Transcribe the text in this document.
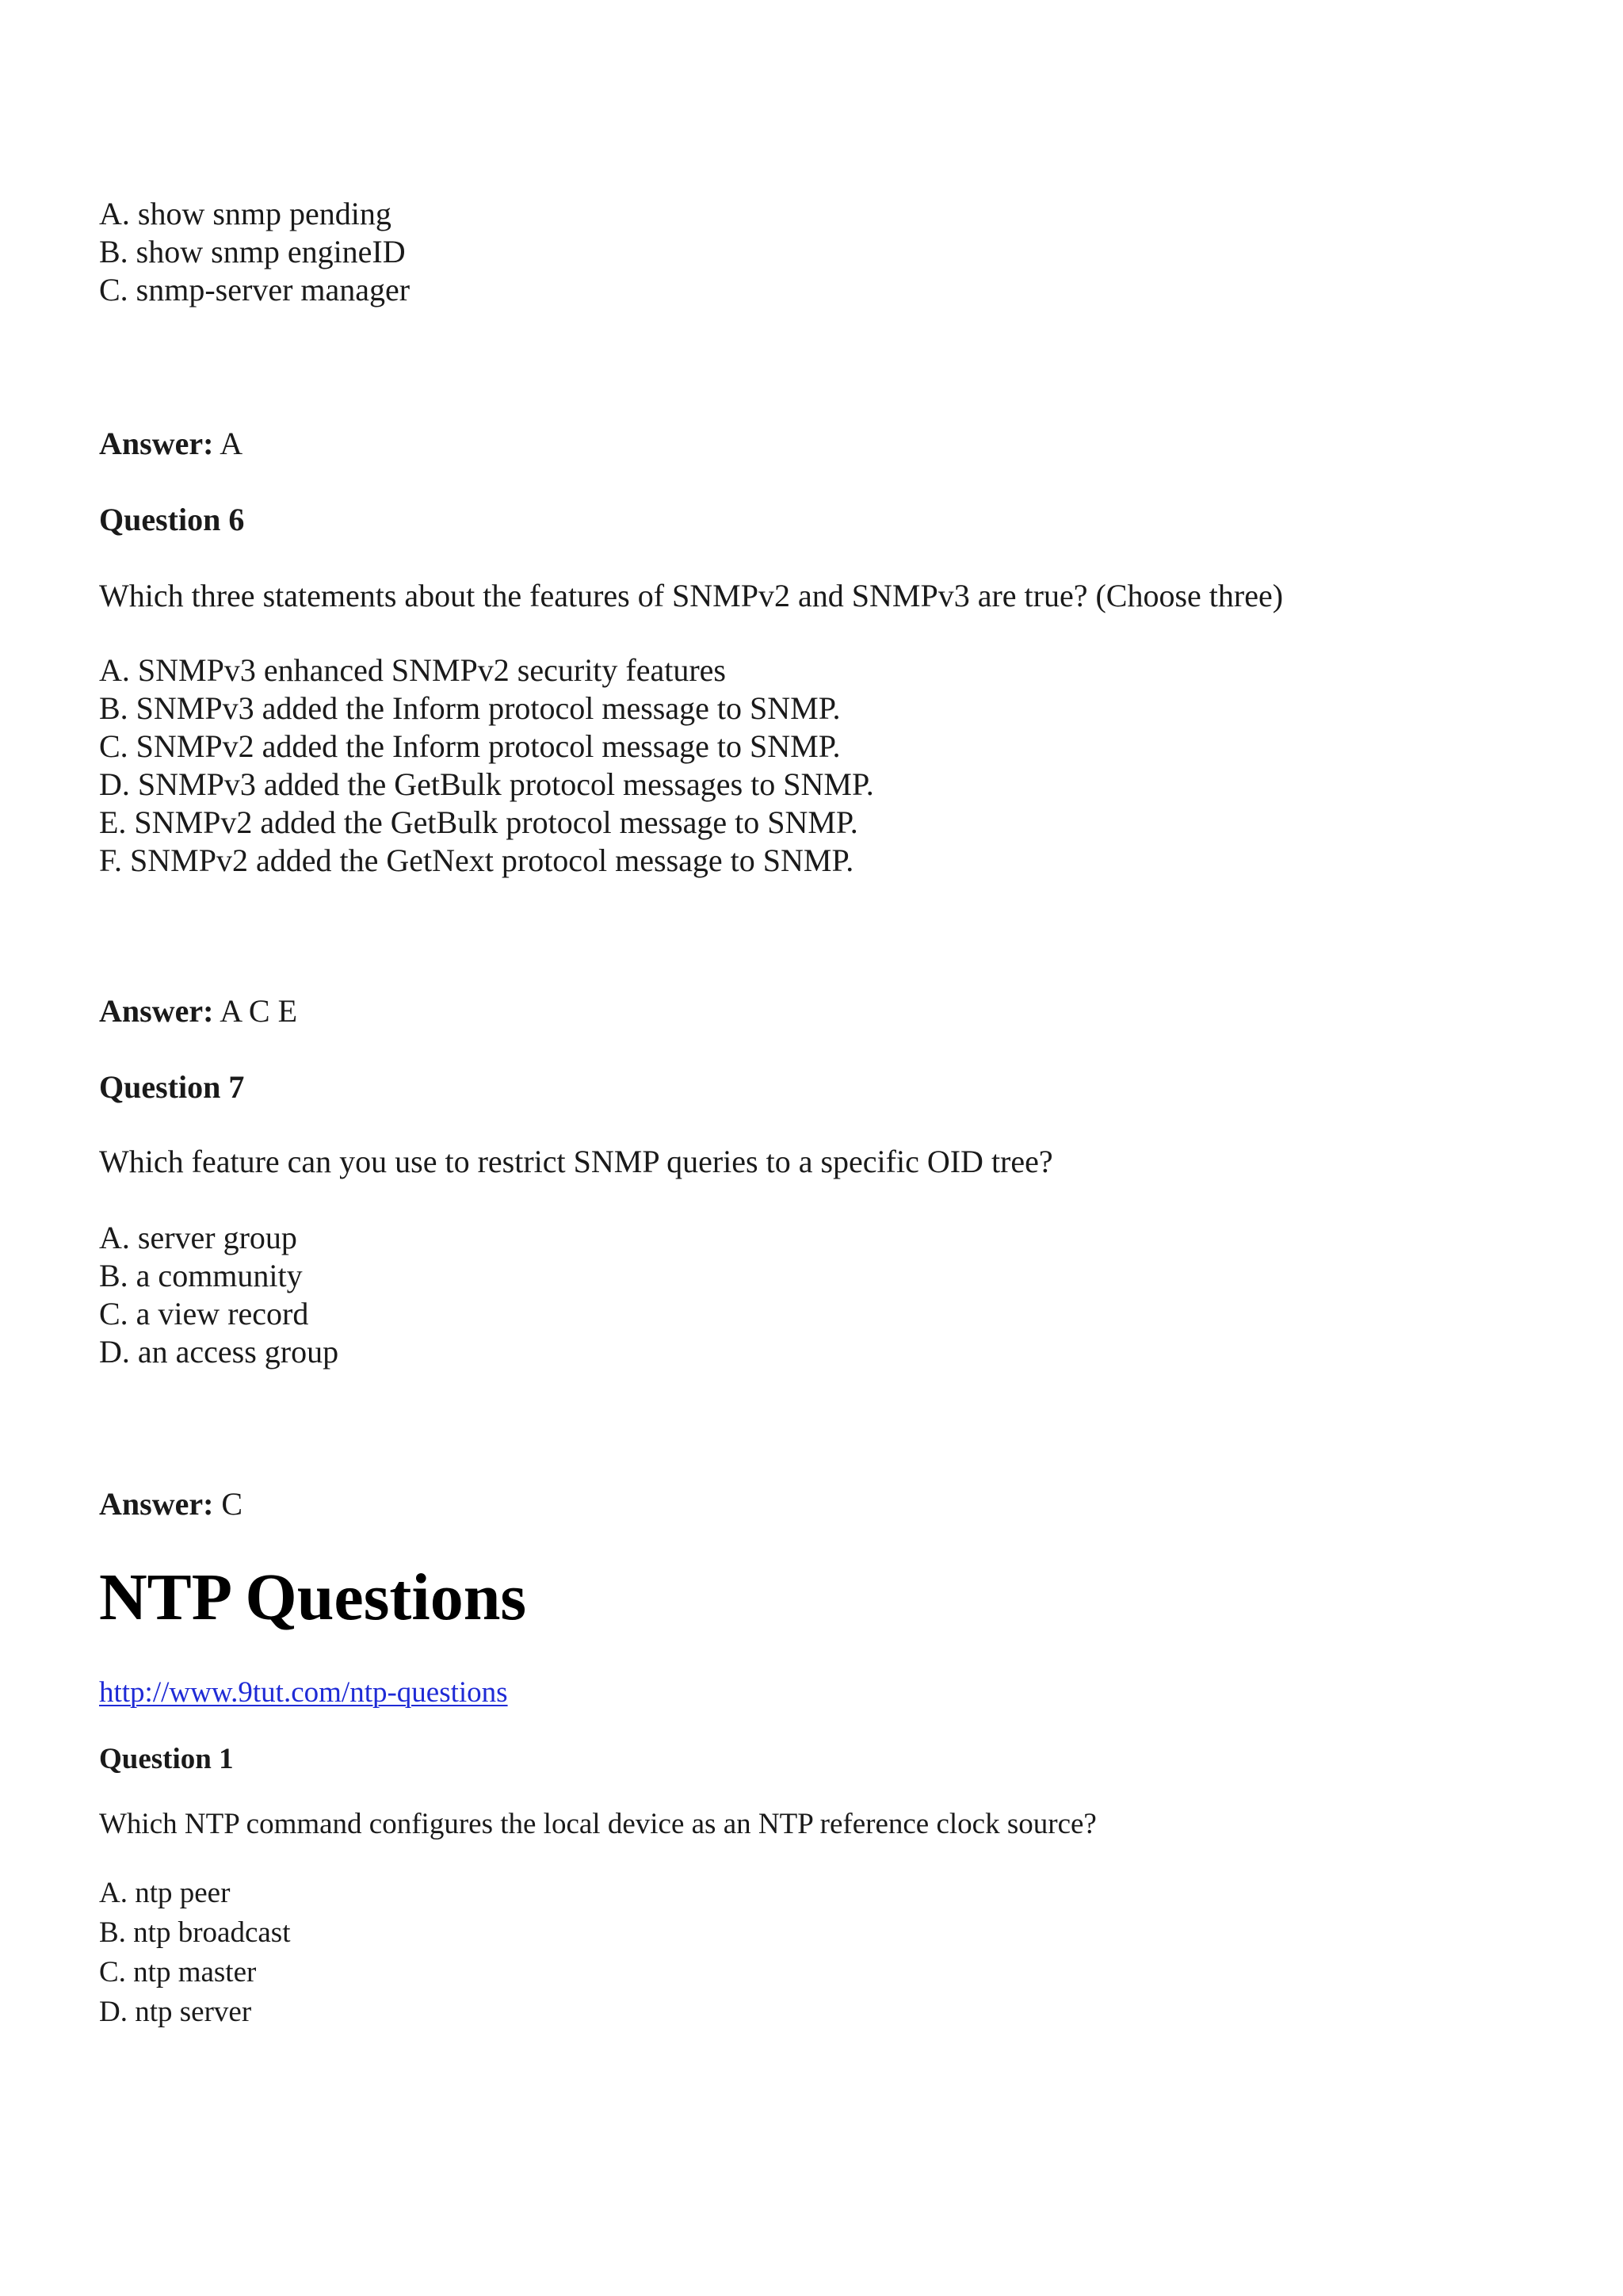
A. show snmp pending
B. show snmp engineID
C. snmp-server manager
Answer: A
Question 6
Which three statements about the features of SNMPv2 and SNMPv3 are true? (Choose three)
A. SNMPv3 enhanced SNMPv2 security features
B. SNMPv3 added the Inform protocol message to SNMP.
C. SNMPv2 added the Inform protocol message to SNMP.
D. SNMPv3 added the GetBulk protocol messages to SNMP.
E. SNMPv2 added the GetBulk protocol message to SNMP.
F. SNMPv2 added the GetNext protocol message to SNMP.
Answer: A C E
Question 7
Which feature can you use to restrict SNMP queries to a specific OID tree?
A. server group
B. a community
C. a view record
D. an access group
Answer: C
NTP Questions
http://www.9tut.com/ntp-questions
Question 1
Which NTP command configures the local device as an NTP reference clock source?
A. ntp peer
B. ntp broadcast
C. ntp master
D. ntp server
